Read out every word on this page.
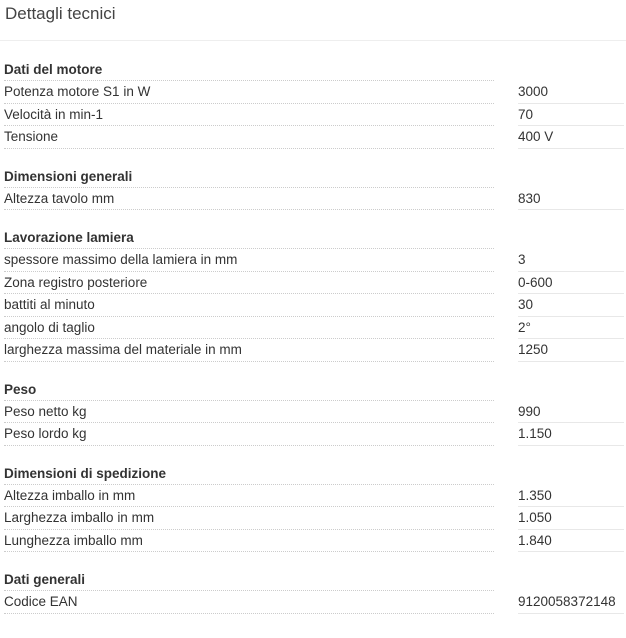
Dettagli tecnici
Dati del motore
Potenza motore S1 in W	3000
Velocità in min-1	70
Tensione	400 V
Dimensioni generali
Altezza tavolo mm	830
Lavorazione lamiera
spessore massimo della lamiera in mm	3
Zona registro posteriore	0-600
battiti al minuto	30
angolo di taglio	2°
larghezza massima del materiale in mm	1250
Peso
Peso netto kg	990
Peso lordo kg	1.150
Dimensioni di spedizione
Altezza imballo in mm	1.350
Larghezza imballo in mm	1.050
Lunghezza imballo mm	1.840
Dati generali
Codice EAN	9120058372148
